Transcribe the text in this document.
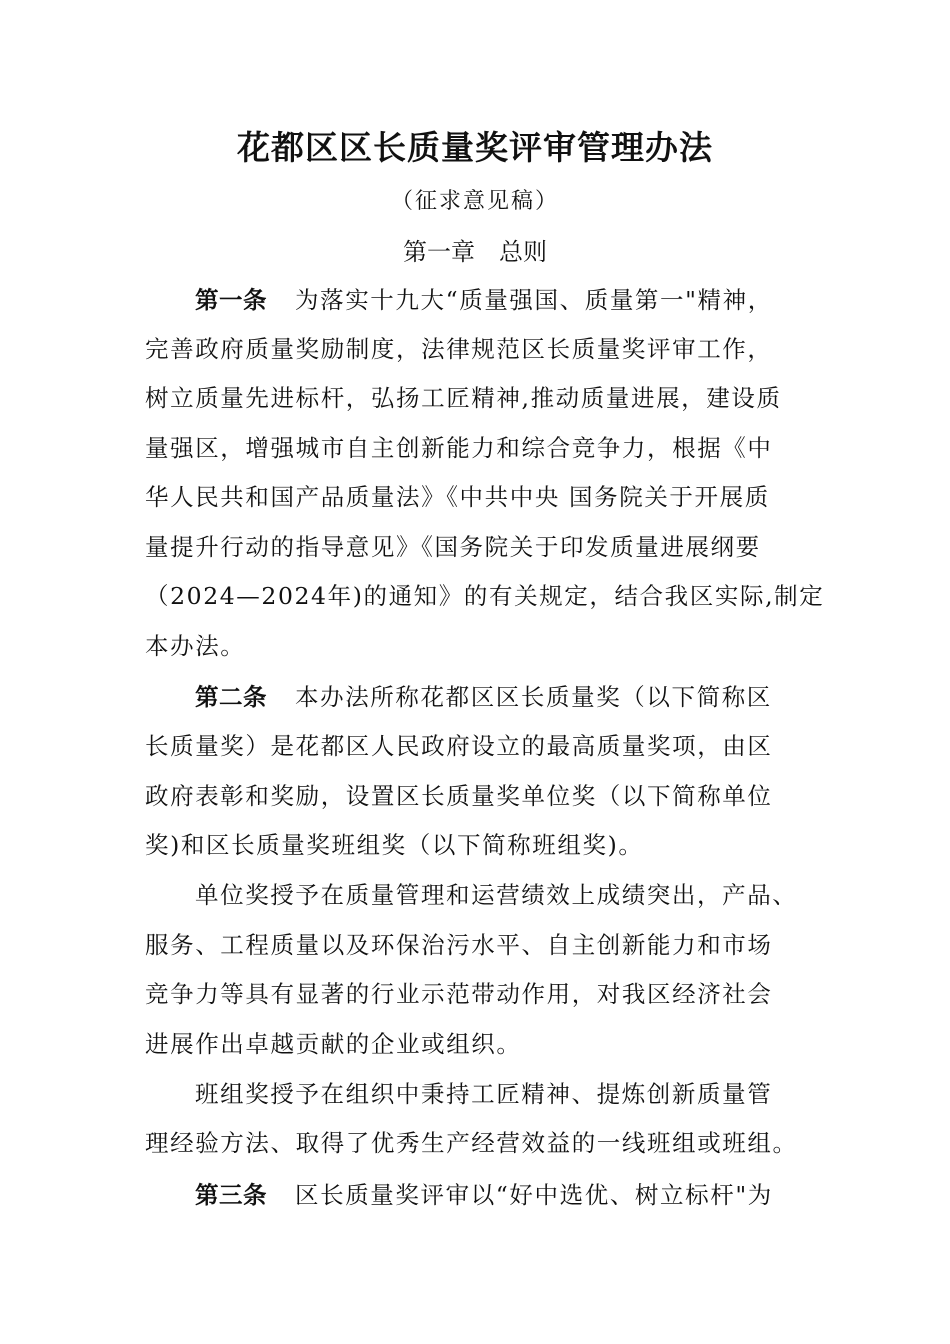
花都区区长质量奖评审管理办法
（征求意见稿）
第一章　总则
第一条 为落实十九大“质量强国、质量第一"精神，
完善政府质量奖励制度，法律规范区长质量奖评审工作，
树立质量先进标杆，弘扬工匠精神,推动质量进展，建设质
量强区，增强城市自主创新能力和综合竞争力，根据《中
华人民共和国产品质量法》《中共中央 国务院关于开展质
量提升行动的指导意见》《国务院关于印发质量进展纲要
（2024—2024年)的通知》的有关规定，结合我区实际,制定
本办法。
第二条 本办法所称花都区区长质量奖（以下简称区
长质量奖）是花都区人民政府设立的最高质量奖项，由区
政府表彰和奖励，设置区长质量奖单位奖（以下简称单位
奖)和区长质量奖班组奖（以下简称班组奖)。
单位奖授予在质量管理和运营绩效上成绩突出，产品、
服务、工程质量以及环保治污水平、自主创新能力和市场
竞争力等具有显著的行业示范带动作用，对我区经济社会
进展作出卓越贡献的企业或组织。
班组奖授予在组织中秉持工匠精神、提炼创新质量管
理经验方法、取得了优秀生产经营效益的一线班组或班组。
第三条 区长质量奖评审以“好中选优、树立标杆"为
